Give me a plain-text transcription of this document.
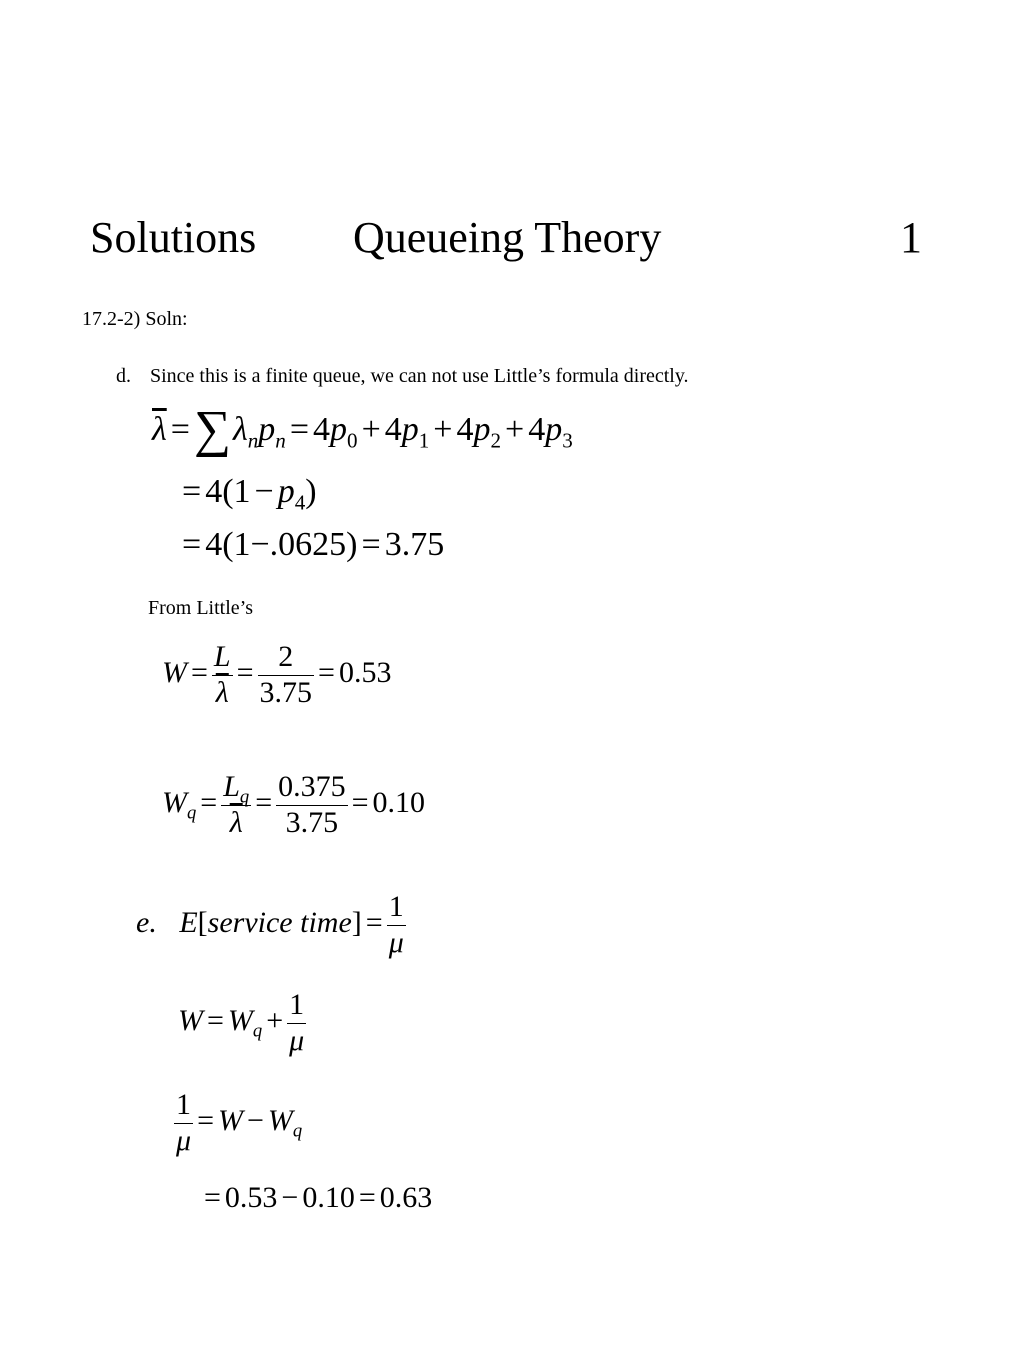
Solutions Queueing Theory	1
17.2-2) Soln:
d. Since this is a finite queue, we can not use Little’s formula directly.
$\overline{\lambda} =\sum\lambda_np_n = 4p_0 + 4p_1 + 4p_2 + 4p_3$
= $4(1 - p_4)$
= 4(1−.0625) = 3.75
From Little’s
$W = \frac{L}{\lambda} = \frac{2}{3.75} = 0.53$
$W_q = \frac{L_q}{\lambda} = \frac{0.375}{3.75} = 0.10$
e. E[service time] = $\frac{1}{\mu}$
$W = W_q + \frac{1}{\mu}$
$\frac{1}{\mu} = W - W_q$
= 0.53 − 0.10 = 0.63
